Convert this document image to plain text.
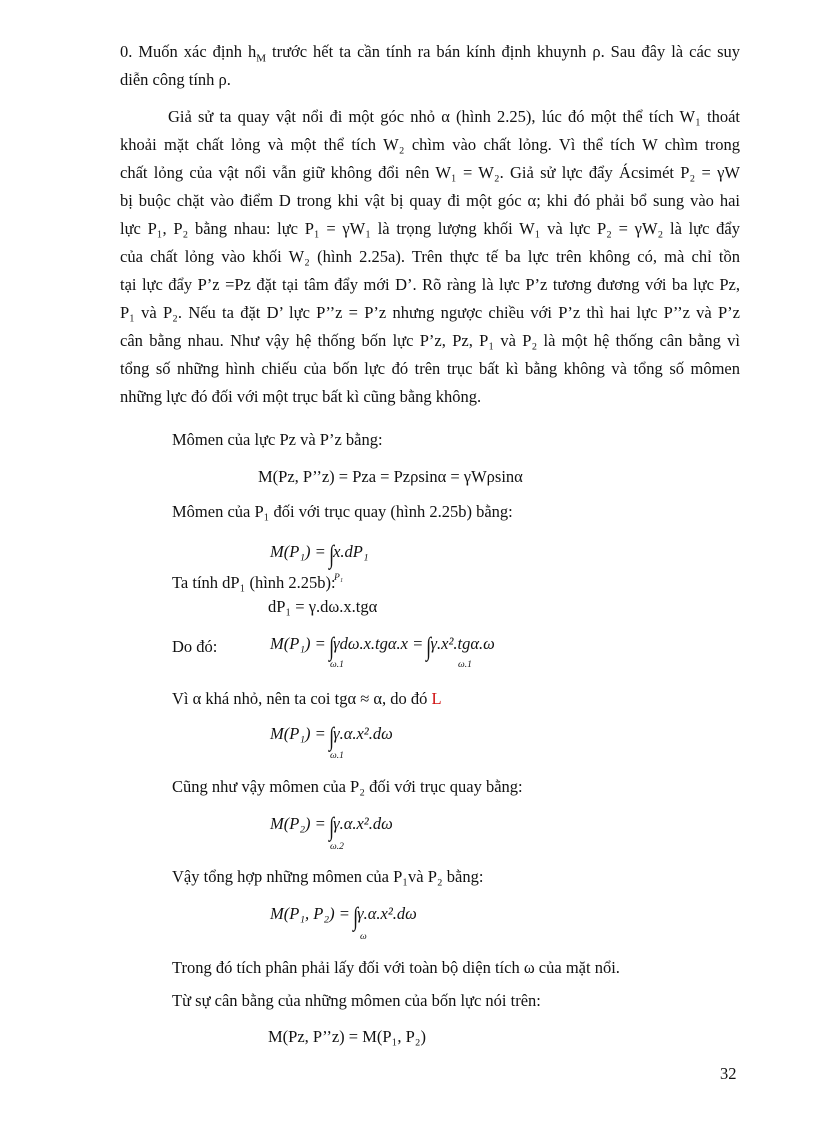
0. Muốn xác định $h_M$ trước hết ta cần tính ra bán kính định khuynh ρ. Sau đây là các suy
diễn công tính ρ.
Giả sử ta quay vật nổi đi một góc nhỏ α (hình 2.25), lúc đó một thể tích W₁ thoát
khoải mặt chất lỏng và một thể tích W₂ chìm vào chất lỏng. Vì thể tích W chìm trong
chất lỏng của vật nổi vẫn giữ không đổi nên W₁ = W₂. Giả sử lực đẩy Ácsimét P₂ = γW
bị buộc chặt vào điểm D trong khi vật bị quay đi một góc α; khi đó phải bổ sung vào hai
lực P₁, P₂ bằng nhau: lực P₁ = γW₁ là trọng lượng khối W₁ và lực P₂ = γW₂ là lực đẩy
của chất lỏng vào khối W₂ (hình 2.25a). Trên thực tế ba lực trên không có, mà chỉ tồn
tại lực đẩy P’z =Pz đặt tại tâm đẩy mới D’. Rõ ràng là lực P’z tương đương với ba lực Pz,
P₁ và P₂. Nếu ta đặt D’ lực P’’z = P’z nhưng ngược chiều với P’z thì hai lực P’’z và P’z
cân bằng nhau. Như vậy hệ thống bốn lực P’z, Pz, P₁ và P₂ là một hệ thống cân bằng vì
tổng số những hình chiếu của bốn lực đó trên trục bất kì bằng không và tổng số mômen
những lực đó đối với một trục bất kì cũng bằng không.
Mômen của lực Pz và P’z bằng:
M(Pz, P’’z) = Pza = Pzρsinα = γWρsinα
Mômen của P₁ đối với trục quay (hình 2.25b) bằng:
M(P₁) = ∫x.dP₁
P₁
Ta tính dP₁ (hình 2.25b):
dP₁ = γ.dω.x.tgα
Do đó:	M(P₁) = ∫γdω.x.tgα.x = ∫γ.x².tgα.ω
ω.1	ω.1
Vì α khá nhỏ, nên ta coi tgα ≈ α, do đó L
M(P₁) = ∫γ.α.x².dω
ω.1
Cũng như vậy mômen của P₂ đối với trục quay bằng:
M(P₂) = ∫γ.α.x².dω
ω.2
Vậy tổng hợp những mômen của P₁và P₂ bằng:
M(P₁, P₂) = ∫γ.α.x².dω
ω
Trong đó tích phân phải lấy đối với toàn bộ diện tích ω của mặt nổi.
Từ sự cân bằng của những mômen của bốn lực nói trên:
M(Pz, P’’z) = M(P₁, P₂)
32
